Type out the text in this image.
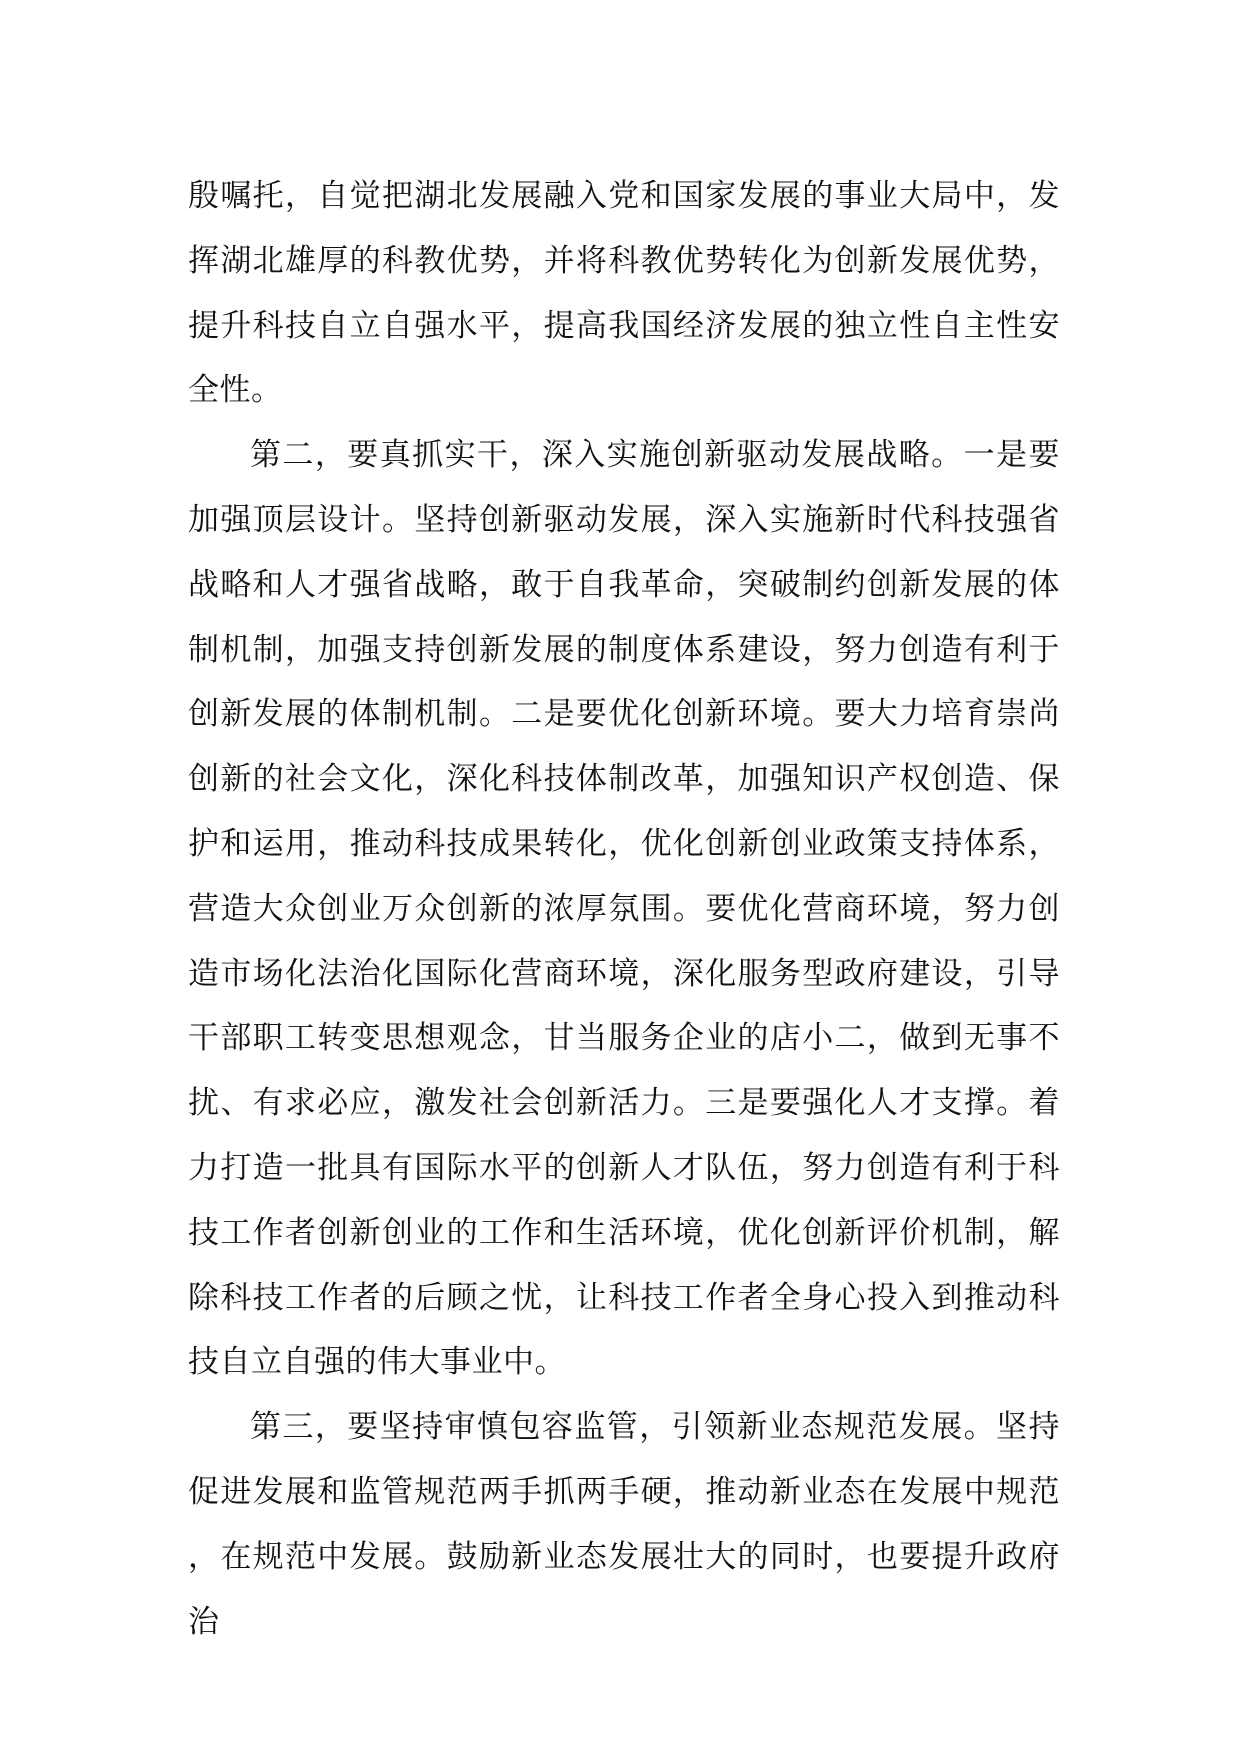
殷嘱托，自觉把湖北发展融入党和国家发展的事业大局中，发挥湖北雄厚的科教优势，并将科教优势转化为创新发展优势，提升科技自立自强水平，提高我国经济发展的独立性自主性安全性。

第二，要真抓实干，深入实施创新驱动发展战略。一是要加强顶层设计。坚持创新驱动发展，深入实施新时代科技强省战略和人才强省战略，敢于自我革命，突破制约创新发展的体制机制，加强支持创新发展的制度体系建设，努力创造有利于创新发展的体制机制。二是要优化创新环境。要大力培育崇尚创新的社会文化，深化科技体制改革，加强知识产权创造、保护和运用，推动科技成果转化，优化创新创业政策支持体系，营造大众创业万众创新的浓厚氛围。要优化营商环境，努力创造市场化法治化国际化营商环境，深化服务型政府建设，引导干部职工转变思想观念，甘当服务企业的店小二，做到无事不扰、有求必应，激发社会创新活力。三是要强化人才支撑。着力打造一批具有国际水平的创新人才队伍，努力创造有利于科技工作者创新创业的工作和生活环境，优化创新评价机制，解除科技工作者的后顾之忧，让科技工作者全身心投入到推动科技自立自强的伟大事业中。

第三，要坚持审慎包容监管，引领新业态规范发展。坚持促进发展和监管规范两手抓两手硬，推动新业态在发展中规范，在规范中发展。鼓励新业态发展壮大的同时，也要提升政府治
